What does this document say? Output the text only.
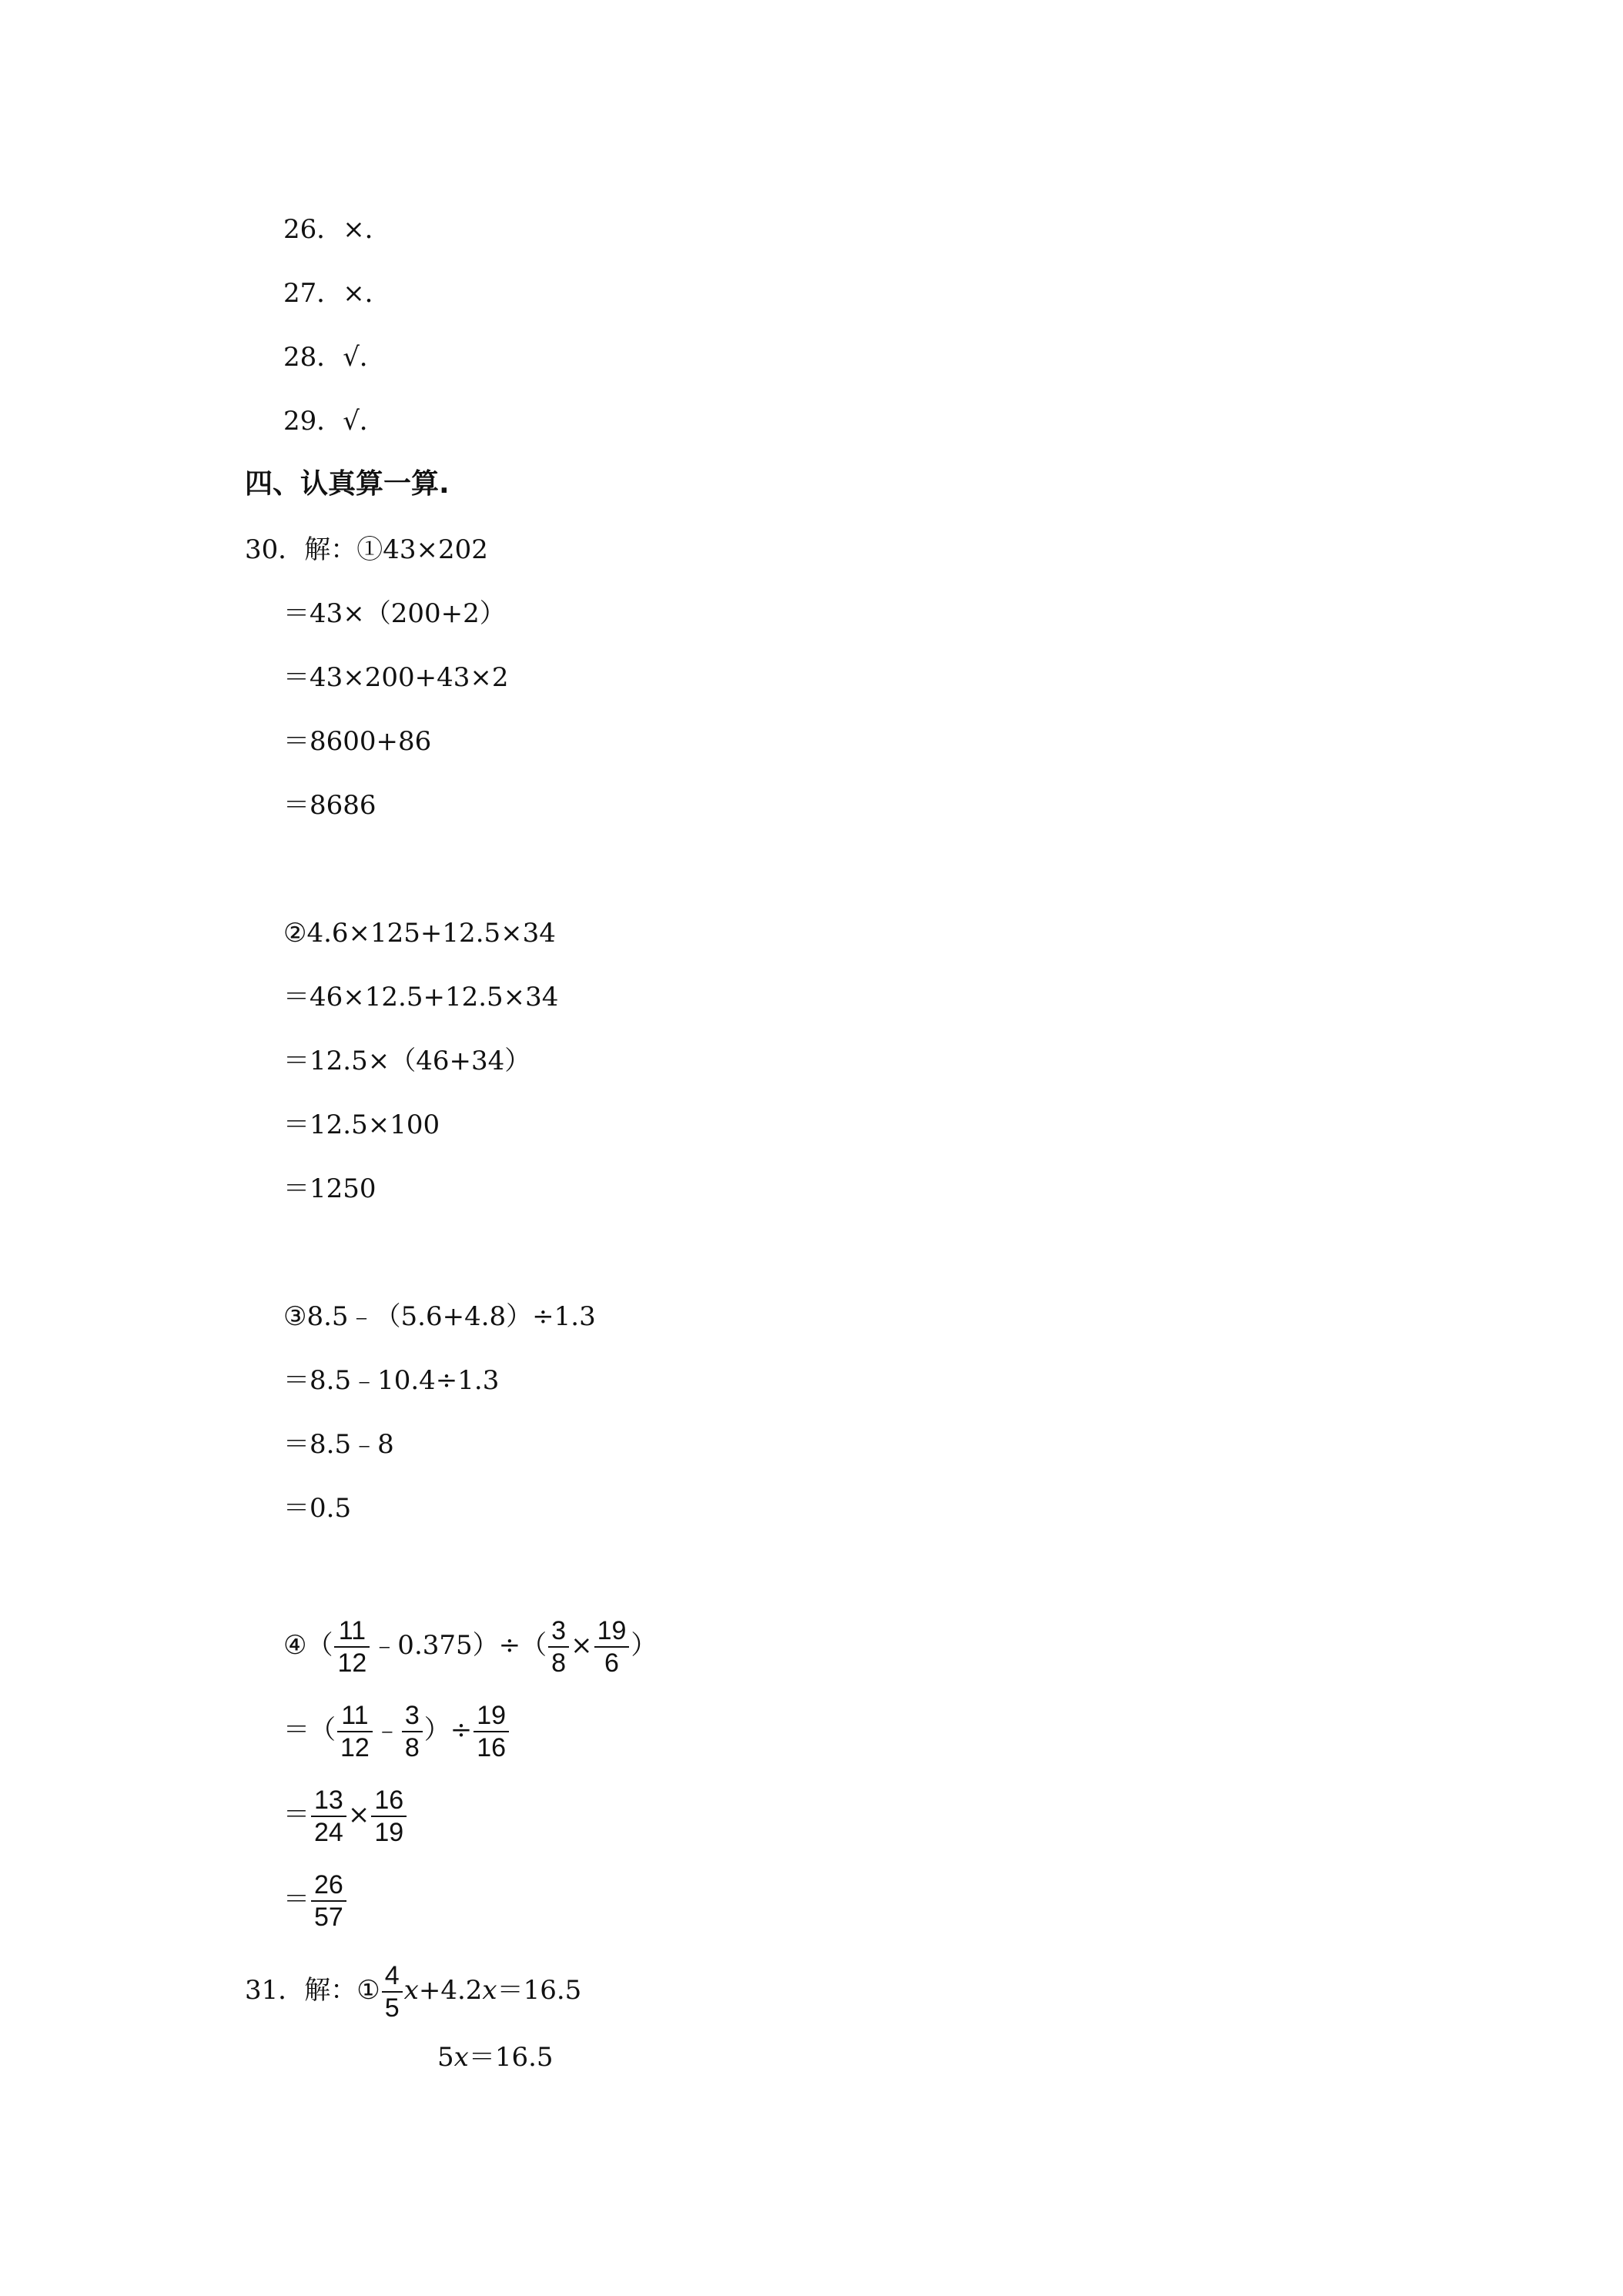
26．×．
27．×．
28．√．
29．√．
四、认真算一算.
30．解：①43×202
＝43×（200+2）
＝43×200+43×2
＝8600+86
＝8686
②4.6×125+12.5×34
＝46×12.5+12.5×34
＝12.5×（46+34）
＝12.5×100
＝1250
③8.5﹣（5.6+4.8）÷1.3
＝8.5﹣10.4÷1.3
＝8.5﹣8
＝0.5
④（ $\frac{11}{12}$ ﹣0.375）÷（ $\frac{3}{8} \times \frac{19}{6}$ ）
＝（ $\frac{11}{12}$ ﹣ $\frac{3}{8}$ ）÷ $\frac{19}{16}$
＝ $\frac{13}{24} \times \frac{16}{19}$
＝ $\frac{26}{57}$
31．解：① $\frac{4}{5} x+4.2x=16.5$
5x＝16.5
